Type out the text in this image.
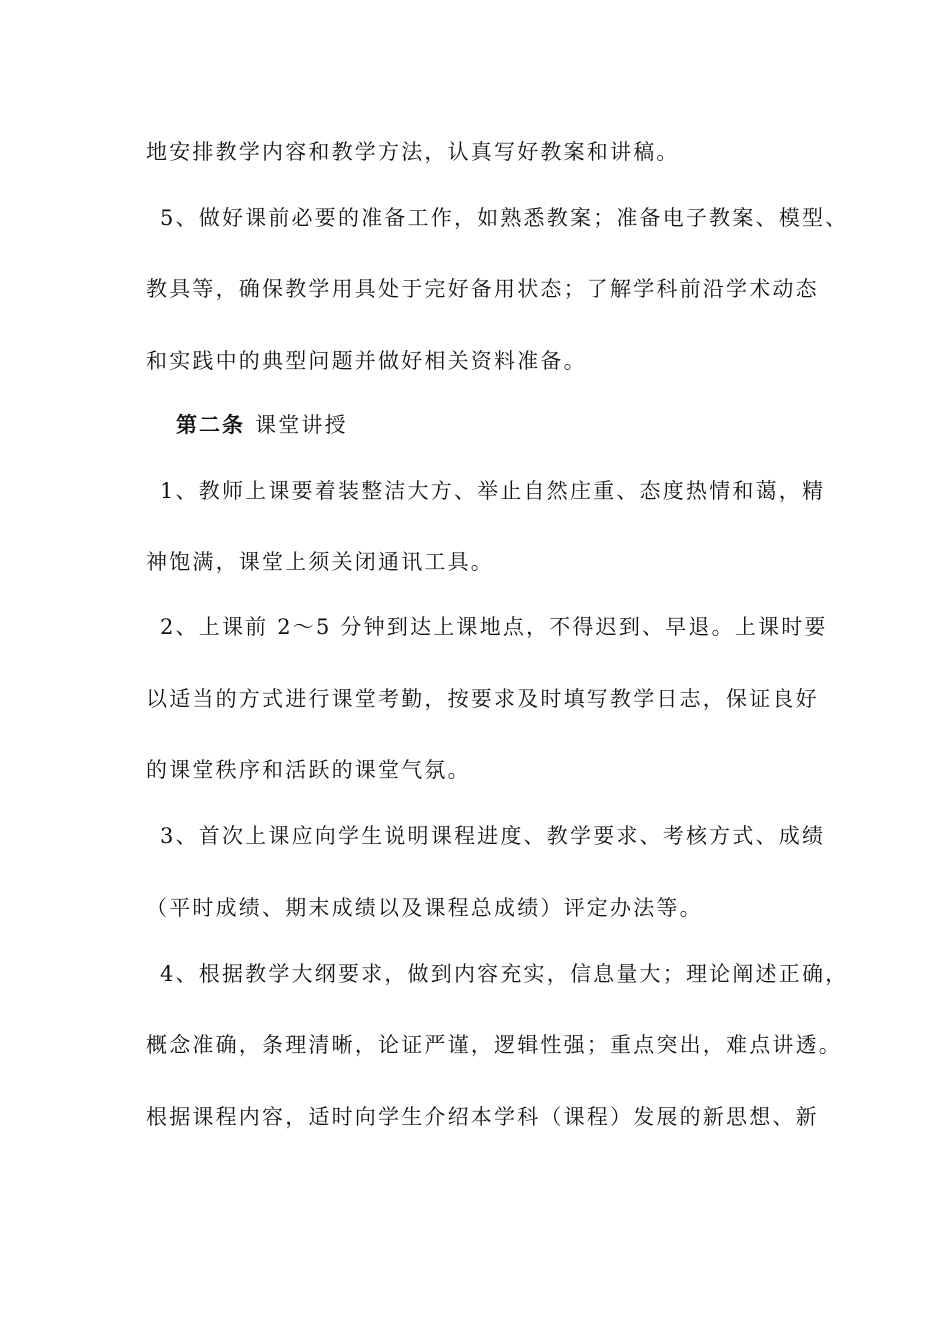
地安排教学内容和教学方法，认真写好教案和讲稿。
5、做好课前必要的准备工作，如熟悉教案；准备电子教案、模型、
教具等，确保教学用具处于完好备用状态；了解学科前沿学术动态
和实践中的典型问题并做好相关资料准备。
第二条 课堂讲授
1、教师上课要着装整洁大方、举止自然庄重、态度热情和蔼，精
神饱满，课堂上须关闭通讯工具。
2、上课前 2～5 分钟到达上课地点，不得迟到、早退。上课时要
以适当的方式进行课堂考勤，按要求及时填写教学日志，保证良好
的课堂秩序和活跃的课堂气氛。
3、首次上课应向学生说明课程进度、教学要求、考核方式、成绩
（平时成绩、期末成绩以及课程总成绩）评定办法等。
4、根据教学大纲要求，做到内容充实，信息量大；理论阐述正确，
概念准确，条理清晰，论证严谨，逻辑性强；重点突出，难点讲透。
根据课程内容，适时向学生介绍本学科（课程）发展的新思想、新
